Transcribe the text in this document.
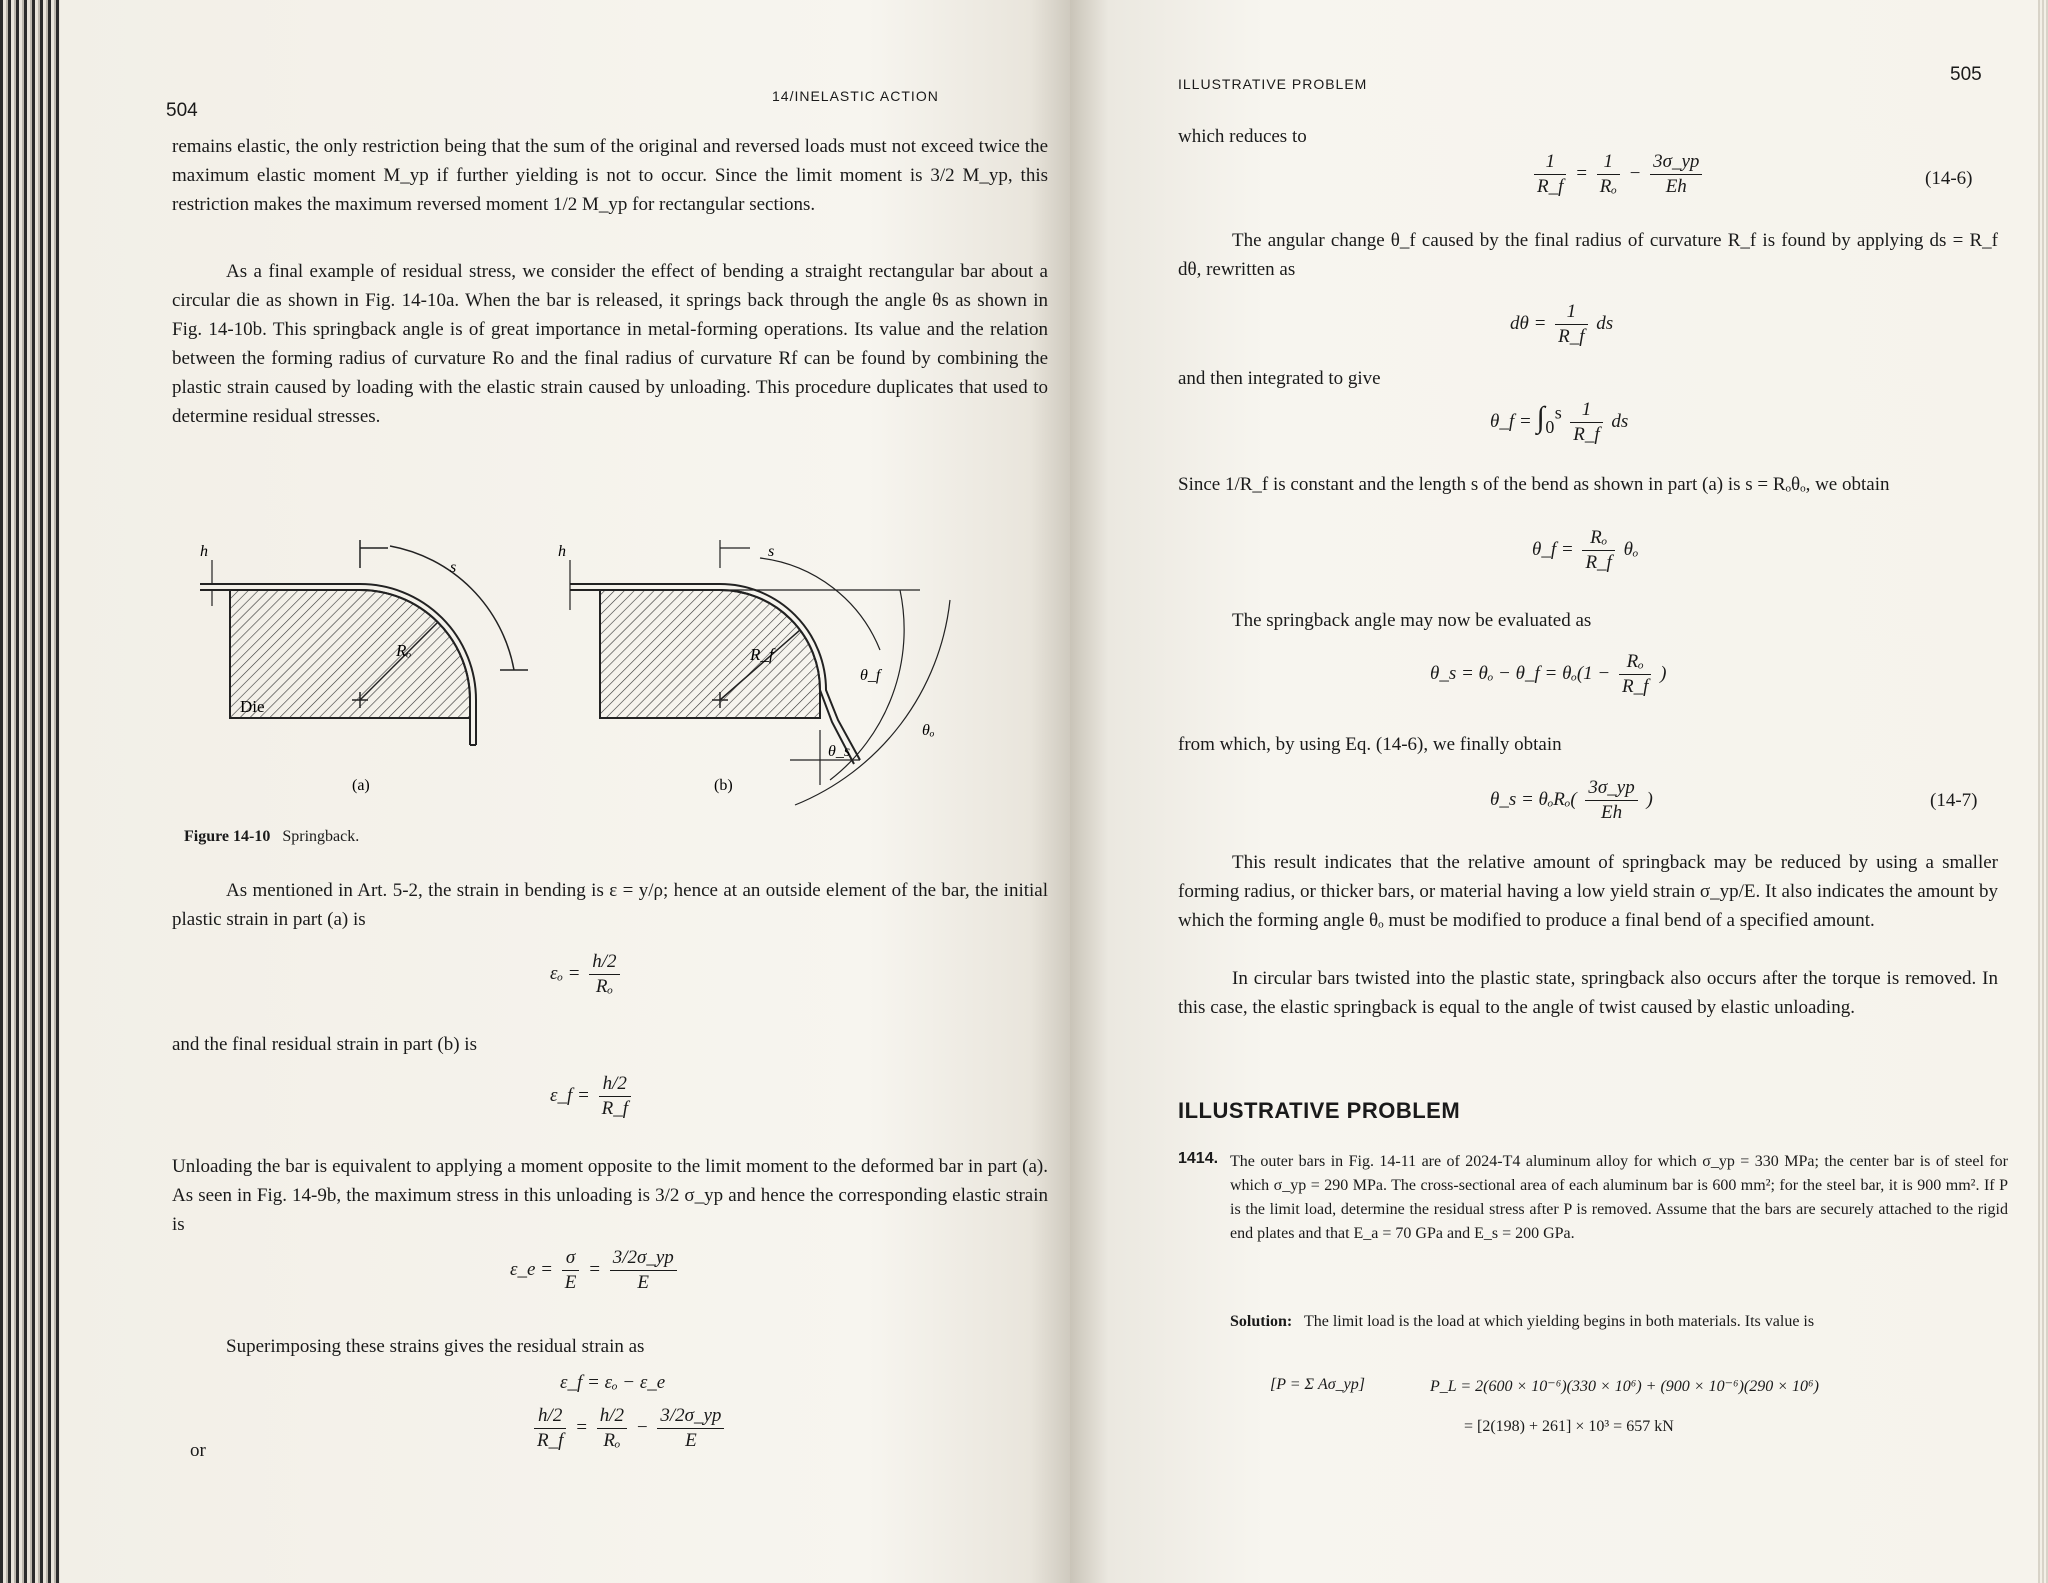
504
14/INELASTIC ACTION

remains elastic, the only restriction being that the sum of the original and reversed loads must not exceed twice the maximum elastic moment M_yp if further yielding is not to occur. Since the limit moment is 3/2 M_yp, this restriction makes the maximum reversed moment 1/2 M_yp for rectangular sections.

As a final example of residual stress, we consider the effect of bending a straight rectangular bar about a circular die as shown in Fig. 14-10a. When the bar is released, it springs back through the angle θs as shown in Fig. 14-10b. This springback angle is of great importance in metal-forming operations. Its value and the relation between the forming radius of curvature Ro and the final radius of curvature Rf can be found by combining the plastic strain caused by loading with the elastic strain caused by unloading. This procedure duplicates that used to determine residual stresses.

h
s
Rₒ
Die
(a)
h	s
R_f
θ_f
θₒ
θ_s
(b)
Figure 14-10 Springback.

As mentioned in Art. 5-2, the strain in bending is ε = y/ρ; hence at an outside element of the bar, the initial plastic strain in part (a) is

$\varepsilon_o = \frac{h/2}{\text{Rₒ}}$

and the final residual strain in part (b) is

ε_f = $\frac{h/2}{R\_f}$

Unloading the bar is equivalent to applying a moment opposite to the limit moment to the deformed bar in part (a). As seen in Fig. 14-9b, the maximum stress in this unloading is 3/2 σ_yp and hence the corresponding elastic strain is

ε_e = $\frac{\sigma}{E} = \frac{3/2\sigma\_yp}{E}$

Superimposing these strains gives the residual strain as

ε_f = εₒ − ε_e
or	$\frac{h/2}{R\_f} = \frac{h/2}{\text{Rₒ}} - \frac{3/2\sigma\_yp}{E}$
ILLUSTRATIVE PROBLEM	505

which reduces to

$\frac{1}{R\_f} = \frac{1}{\text{Rₒ}} - \frac{3\sigma\_yp}{Eh}$	(14-6)

The angular change θ_f caused by the final radius of curvature R_f is found by applying ds = R_f dθ, rewritten as

$d\theta = \frac{1}{R\_f}$ ds

and then integrated to give

θ_f = ∫₀ˢ $\frac{1}{R\_f}$ ds

Since 1/R_f is constant and the length s of the bend as shown in part (a) is s = Rₒθₒ, we obtain

θ_f = $\frac{\text{Rₒ}}{R\_f}$ θₒ

The springback angle may now be evaluated as

θ_s = θₒ − θ_f = $\theta_o(1 - \frac{\text{Rₒ}}{R\_f}$ )

from which, by using Eq. (14-6), we finally obtain

θ_s = $\theta_oR_o( \frac{3\sigma\_yp}{Eh}$ )	(14-7)

This result indicates that the relative amount of springback may be reduced by using a smaller forming radius, or thicker bars, or material having a low yield strain σ_yp/E. It also indicates the amount by which the forming angle θₒ must be modified to produce a final bend of a specified amount.

In circular bars twisted into the plastic state, springback also occurs after the torque is removed. In this case, the elastic springback is equal to the angle of twist caused by elastic unloading.

ILLUSTRATIVE PROBLEM
1414. The outer bars in Fig. 14-11 are of 2024-T4 aluminum alloy for which σ_yp = 330 MPa; the center bar is of steel for which σ_yp = 290 MPa. The cross-sectional area of each aluminum bar is 600 mm²; for the steel bar, it is 900 mm². If P is the limit load, determine the residual stress after P is removed. Assume that the bars are securely attached to the rigid end plates and that E_a = 70 GPa and E_s = 200 GPa.

Solution: The limit load is the load at which yielding begins in both materials. Its value is
[P = Σ Aσ_yp]	P_L = 2(600 × 10⁻⁶)(330 × 10⁶) + (900 × 10⁻⁶)(290 × 10⁶)
= [2(198) + 261] × 10³ = 657 kN
